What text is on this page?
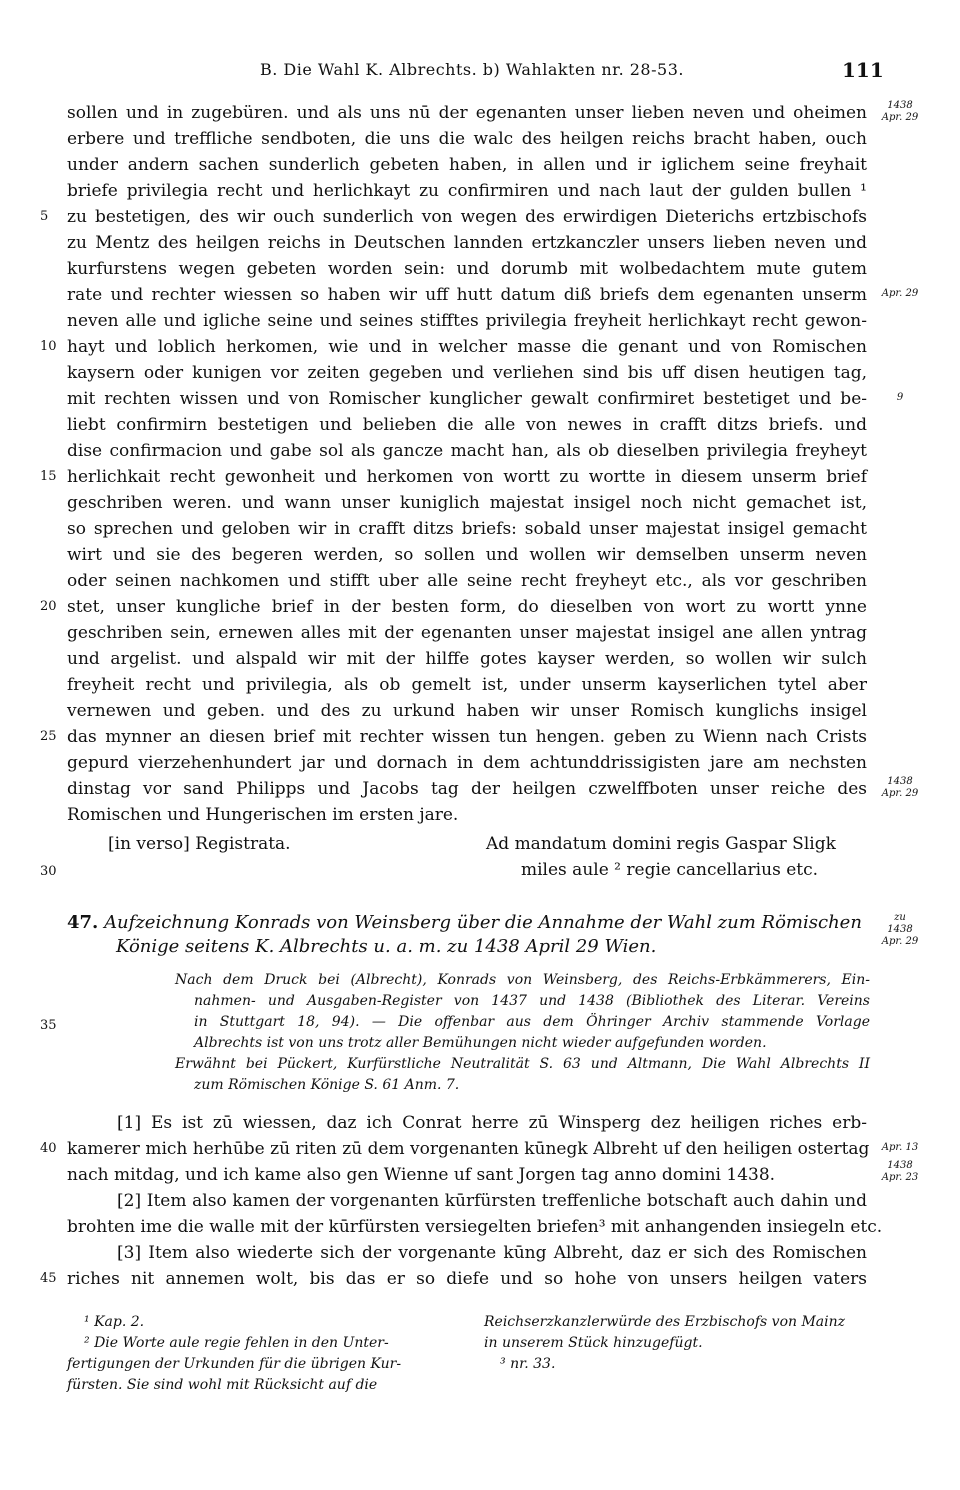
B. Die Wahl K. Albrechts. b) Wahlakten nr. 28-53.	111
sollen und in zugebüren. und als uns nū der egenanten unser lieben neven und oheimen
erbere und treffliche sendboten, die uns die walc des heilgen reichs bracht haben, ouch
under andern sachen sunderlich gebeten haben, in allen und ir iglichem seine freyhait
briefe privilegia recht und herlichkayt zu confirmiren und nach laut der gulden bullen ¹
zu bestetigen, des wir ouch sunderlich von wegen des erwirdigen Dieterichs ertzbischofs
zu Mentz des heilgen reichs in Deutschen lannden ertzkanczler unsers lieben neven und
kurfurstens wegen gebeten worden sein: und dorumb mit wolbedachtem mute gutem
rate und rechter wiessen so haben wir uff hutt datum diß briefs dem egenanten unserm
neven alle und igliche seine und seines stifftes privilegia freyheit herlichkayt recht gewon-
hayt und loblich herkomen, wie und in welcher masse die genant und von Romischen
kaysern oder kunigen vor zeiten gegeben und verliehen sind bis uff disen heutigen tag,
mit rechten wissen und von Romischer kunglicher gewalt confirmiret bestetiget und be-
liebt confirmirn bestetigen und belieben die alle von newes in crafft ditzs briefs. und
dise confirmacion und gabe sol als gancze macht han, als ob dieselben privilegia freyheyt
herlichkait recht gewonheit und herkomen von wortt zu wortte in diesem unserm brief
geschriben weren. und wann unser kuniglich majestat insigel noch nicht gemachet ist,
so sprechen und geloben wir in crafft ditzs briefs: sobald unser majestat insigel gemacht
wirt und sie des begeren werden, so sollen und wollen wir demselben unserm neven
oder seinen nachkomen und stifft uber alle seine recht freyheyt etc., als vor geschriben
stet, unser kungliche brief in der besten form, do dieselben von wort zu wortt ynne
geschriben sein, ernewen alles mit der egenanten unser majestat insigel ane allen yntrag
und argelist. und alspald wir mit der hilffe gotes kayser werden, so wollen wir sulch
freyheit recht und privilegia, als ob gemelt ist, under unserm kayserlichen tytel aber
vernewen und geben. und des zu urkund haben wir unser Romisch kunglichs insigel
das mynner an diesen brief mit rechter wissen tun hengen. geben zu Wienn nach Crists
gepurd vierzehenhundert jar und dornach in dem achtunddrissigisten jare am nechsten
dinstag vor sand Philipps und Jacobs tag der heilgen czwelffboten unser reiche des
Romischen und Hungerischen im ersten jare.
5
10
15
20
25
30
35
40
45
1438
Apr. 29
Apr. 29
9
1438
Apr. 29
zu
1438
Apr. 29
Apr. 13
1438
Apr. 23
[in verso] Registrata.	Ad mandatum domini regis Gaspar Sligk
miles aule ² regie cancellarius etc.
47. Aufzeichnung Konrads von Weinsberg über die Annahme der Wahl zum Römischen
Könige seitens K. Albrechts u. a. m. zu 1438 April 29 Wien.
Nach dem Druck bei (Albrecht), Konrads von Weinsberg, des Reichs-Erbkämmerers, Ein-
nahmen- und Ausgaben-Register von 1437 und 1438 (Bibliothek des Literar. Vereins
in Stuttgart 18, 94). — Die offenbar aus dem Öhringer Archiv stammende Vorlage
Albrechts ist von uns trotz aller Bemühungen nicht wieder aufgefunden worden.
Erwähnt bei Pückert, Kurfürstliche Neutralität S. 63 und Altmann, Die Wahl Albrechts II
zum Römischen Könige S. 61 Anm. 7.
[1] Es ist zū wiessen, daz ich Conrat herre zū Winsperg dez heiligen riches erb-
kamerer mich herhūbe zū riten zū dem vorgenanten kūnegk Albreht uf den heiligen ostertag
nach mitdag, und ich kame also gen Wienne uf sant Jorgen tag anno domini 1438.
[2] Item also kamen der vorgenanten kūrfürsten treffenliche botschaft auch dahin und
brohten ime die walle mit der kūrfürsten versiegelten briefen³ mit anhangenden insiegeln etc.
[3] Item also wiederte sich der vorgenante kūng Albreht, daz er sich des Romischen
riches nit annemen wolt, bis das er so diefe und so hohe von unsers heilgen vaters
¹ Kap. 2.
² Die Worte aule regie fehlen in den Unter-
fertigungen der Urkunden für die übrigen Kur-
fürsten. Sie sind wohl mit Rücksicht auf die
Reichserzkanzlerwürde des Erzbischofs von Mainz
in unserem Stück hinzugefügt.
³ nr. 33.
